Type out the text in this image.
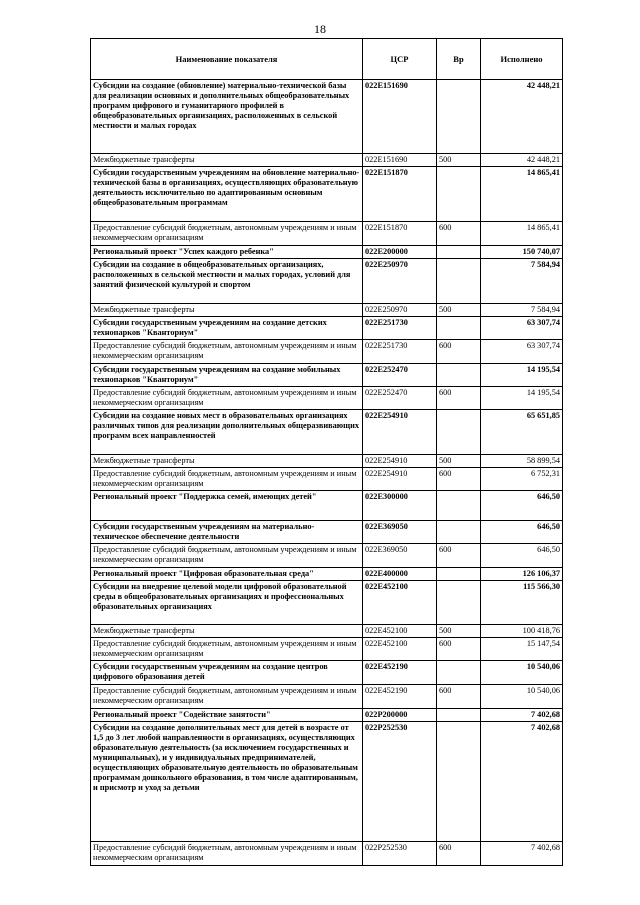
18
Наименование показателя	ЦСР	Вр	Исполнено
Субсидии на создание (обновление) материально-технической базы для реализации основных и дополнительных общеобразовательных программ цифрового и гуманитарного профилей в общеобразовательных организациях, расположенных в сельской местности и малых городах	022E151690		42 448,21
Межбюджетные трансферты	022E151690	500	42 448,21
Субсидии государственным учреждениям на обновление материально-технической базы в организациях, осуществляющих образовательную деятельность исключительно по адаптированным основным общеобразовательным программам	022E151870		14 865,41
Предоставление субсидий бюджетным, автономным учреждениям и иным некоммерческим организациям	022E151870	600	14 865,41
Региональный проект "Успех каждого ребенка"	022E200000		150 740,07
Субсидии на создание в общеобразовательных организациях, расположенных в сельской местности и малых городах, условий для занятий физической культурой и спортом	022E250970		7 584,94
Межбюджетные трансферты	022E250970	500	7 584,94
Субсидии государственным учреждениям на создание детских технопарков "Кванториум"	022E251730		63 307,74
Предоставление субсидий бюджетным, автономным учреждениям и иным некоммерческим организациям	022E251730	600	63 307,74
Субсидии государственным учреждениям на создание мобильных технопарков "Кванториум"	022E252470		14 195,54
Предоставление субсидий бюджетным, автономным учреждениям и иным некоммерческим организациям	022E252470	600	14 195,54
Субсидии на создание новых мест в образовательных организациях различных типов для реализации дополнительных общеразвивающих программ всех направленностей	022E254910		65 651,85
Межбюджетные трансферты	022E254910	500	58 899,54
Предоставление субсидий бюджетным, автономным учреждениям и иным некоммерческим организациям	022E254910	600	6 752,31
Региональный проект "Поддержка семей, имеющих детей"	022E300000		646,50
Субсидии государственным учреждениям на материально-техническое обеспечение деятельности	022E369050		646,50
Предоставление субсидий бюджетным, автономным учреждениям и иным некоммерческим организациям	022E369050	600	646,50
Региональный проект "Цифровая образовательная среда"	022E400000		126 106,37
Субсидии на внедрение целевой модели цифровой образовательной среды в общеобразовательных организациях и профессиональных образовательных организациях	022E452100		115 566,30
Межбюджетные трансферты	022E452100	500	100 418,76
Предоставление субсидий бюджетным, автономным учреждениям и иным некоммерческим организациям	022E452100	600	15 147,54
Субсидии государственным учреждениям на создание центров цифрового образования детей	022E452190		10 540,06
Предоставление субсидий бюджетным, автономным учреждениям и иным некоммерческим организациям	022E452190	600	10 540,06
Региональный проект "Содействие занятости"	022P200000		7 402,68
Субсидии на создание дополнительных мест для детей в возрасте от 1,5 до 3 лет любой направленности в организациях, осуществляющих образовательную деятельность (за исключением государственных и муниципальных), и у индивидуальных предпринимателей, осуществляющих образовательную деятельность по образовательным программам дошкольного образования, в том числе адаптированным, и присмотр и уход за детьми	022P252530		7 402,68
Предоставление субсидий бюджетным, автономным учреждениям и иным некоммерческим организациям	022P252530	600	7 402,68
